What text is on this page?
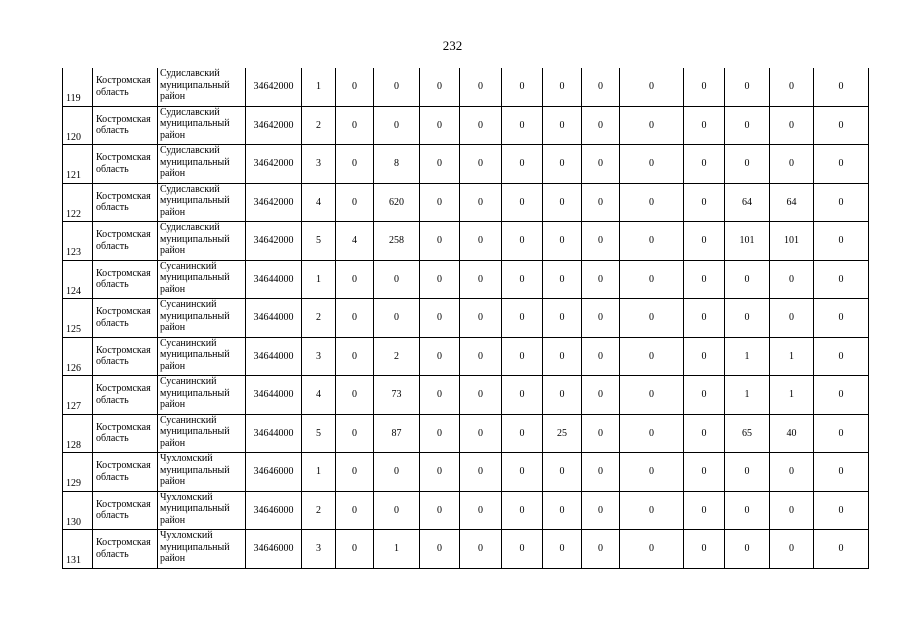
232
119	Костромская область	Судиславский муниципальный район	34642000	1	0	0	0	0	0	0	0	0	0	0	0	0
120	Костромская область	Судиславский муниципальный район	34642000	2	0	0	0	0	0	0	0	0	0	0	0	0
121	Костромская область	Судиславский муниципальный район	34642000	3	0	8	0	0	0	0	0	0	0	0	0	0
122	Костромская область	Судиславский муниципальный район	34642000	4	0	620	0	0	0	0	0	0	0	64	64	0
123	Костромская область	Судиславский муниципальный район	34642000	5	4	258	0	0	0	0	0	0	0	101	101	0
124	Костромская область	Сусанинский муниципальный район	34644000	1	0	0	0	0	0	0	0	0	0	0	0	0
125	Костромская область	Сусанинский муниципальный район	34644000	2	0	0	0	0	0	0	0	0	0	0	0	0
126	Костромская область	Сусанинский муниципальный район	34644000	3	0	2	0	0	0	0	0	0	0	1	1	0
127	Костромская область	Сусанинский муниципальный район	34644000	4	0	73	0	0	0	0	0	0	0	1	1	0
128	Костромская область	Сусанинский муниципальный район	34644000	5	0	87	0	0	0	25	0	0	0	65	40	0
129	Костромская область	Чухломский муниципальный район	34646000	1	0	0	0	0	0	0	0	0	0	0	0	0
130	Костромская область	Чухломский муниципальный район	34646000	2	0	0	0	0	0	0	0	0	0	0	0	0
131	Костромская область	Чухломский муниципальный район	34646000	3	0	1	0	0	0	0	0	0	0	0	0	0
